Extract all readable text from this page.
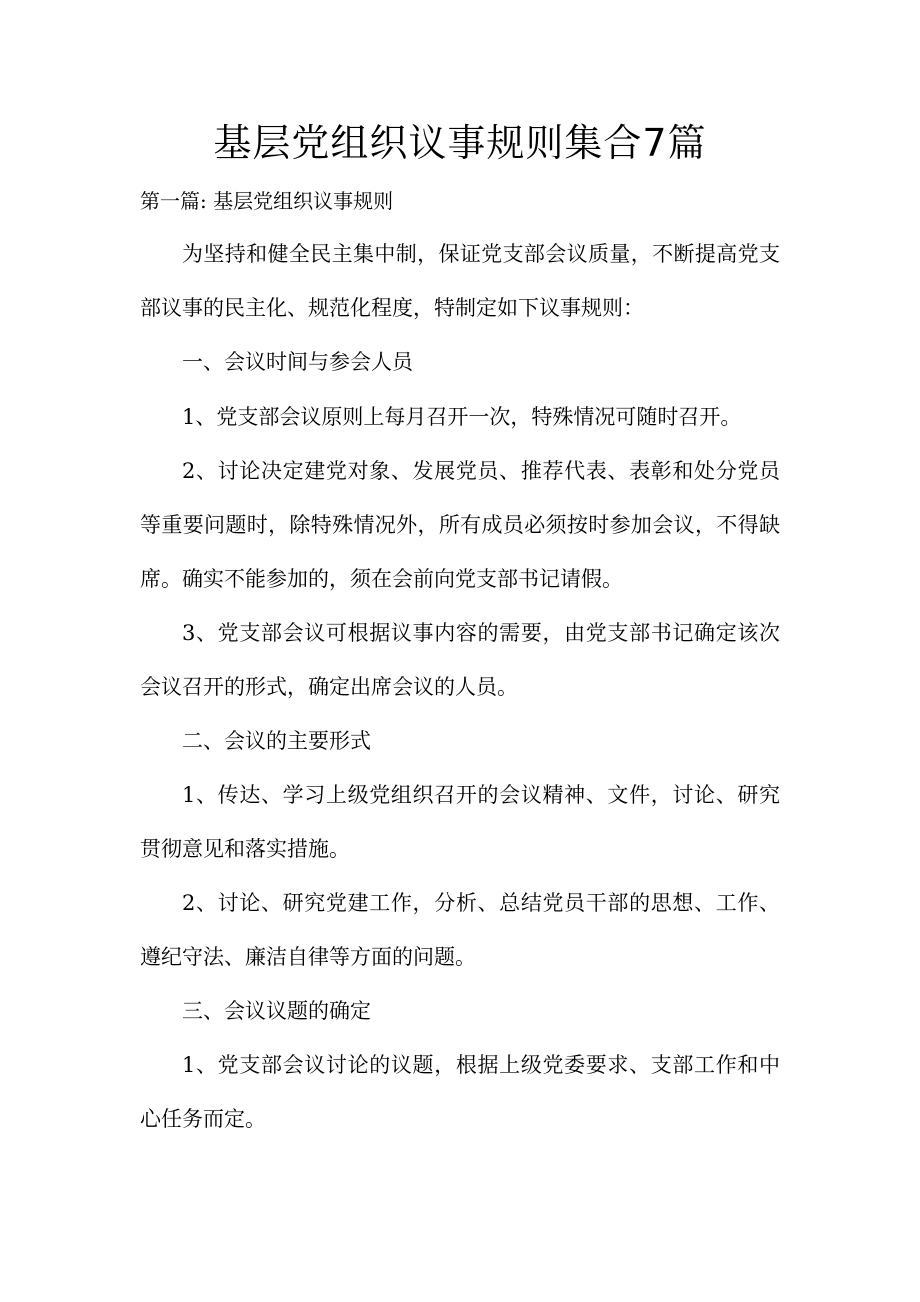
基层党组织议事规则集合7篇

第一篇: 基层党组织议事规则

为坚持和健全民主集中制，保证党支部会议质量，不断提高党支部议事的民主化、规范化程度，特制定如下议事规则：

一、会议时间与参会人员

1、党支部会议原则上每月召开一次，特殊情况可随时召开。

2、讨论决定建党对象、发展党员、推荐代表、表彰和处分党员等重要问题时，除特殊情况外，所有成员必须按时参加会议，不得缺席。确实不能参加的，须在会前向党支部书记请假。

3、党支部会议可根据议事内容的需要，由党支部书记确定该次会议召开的形式，确定出席会议的人员。

二、会议的主要形式

1、传达、学习上级党组织召开的会议精神、文件，讨论、研究贯彻意见和落实措施。

2、讨论、研究党建工作，分析、总结党员干部的思想、工作、遵纪守法、廉洁自律等方面的问题。

三、会议议题的确定

1、党支部会议讨论的议题，根据上级党委要求、支部工作和中心任务而定。
